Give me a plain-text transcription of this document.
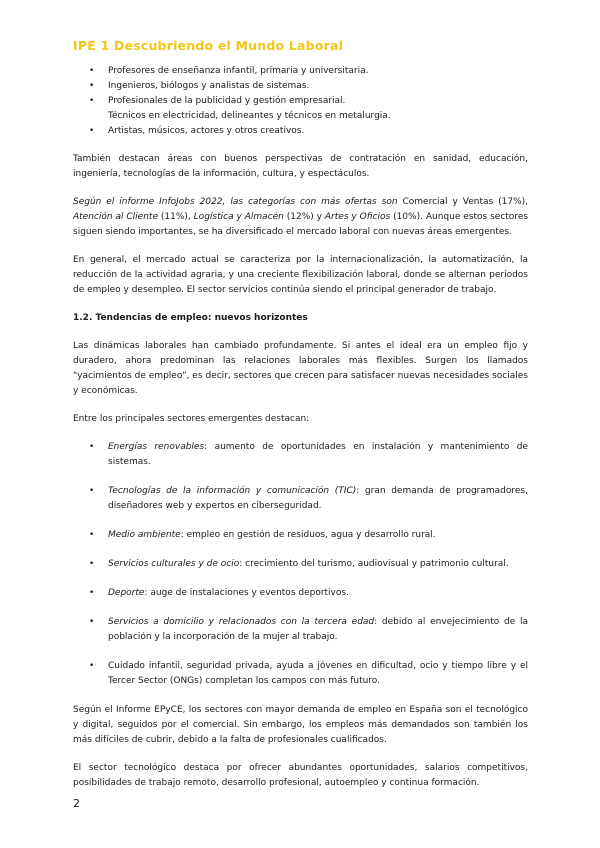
IPE 1 Descubriendo el Mundo Laboral
• Profesores de enseñanza infantil, primaria y universitaria.
• Ingenieros, biólogos y analistas de sistemas.
• Profesionales de la publicidad y gestión empresarial.
Técnicos en electricidad, delineantes y técnicos en metalurgia.
• Artistas, músicos, actores y otros creativos.

También destacan áreas con buenos perspectivas de contratación en sanidad, educación, ingeniería, tecnologías de la información, cultura, y espectáculos.

Según el informe InfoJobs 2022, las categorías con más ofertas son Comercial y Ventas (17%), Atención al Cliente (11%), Logística y Almacén (12%) y Artes y Oficios (10%). Aunque estos sectores siguen siendo importantes, se ha diversificado el mercado laboral con nuevas áreas emergentes.

En general, el mercado actual se caracteriza por la internacionalización, la automatización, la reducción de la actividad agraria, y una creciente flexibilización laboral, donde se alternan períodos de empleo y desempleo. El sector servicios continúa siendo el principal generador de trabajo.

1.2. Tendencias de empleo: nuevos horizontes

Las dinámicas laborales han cambiado profundamente. Si antes el ideal era un empleo fijo y duradero, ahora predominan las relaciones laborales más flexibles. Surgen los llamados "yacimientos de empleo", es decir, sectores que crecen para satisfacer nuevas necesidades sociales y económicas.

Entre los principales sectores emergentes destacan:

• Energías renovables: aumento de oportunidades en instalación y mantenimiento de sistemas.
• Tecnologías de la información y comunicación (TIC): gran demanda de programadores, diseñadores web y expertos en ciberseguridad.
• Medio ambiente: empleo en gestión de residuos, agua y desarrollo rural.
• Servicios culturales y de ocio: crecimiento del turismo, audiovisual y patrimonio cultural.
• Deporte: auge de instalaciones y eventos deportivos.
• Servicios a domicilio y relacionados con la tercera edad: debido al envejecimiento de la población y la incorporación de la mujer al trabajo.
• Cuidado infantil, seguridad privada, ayuda a jóvenes en dificultad, ocio y tiempo libre y el Tercer Sector (ONGs) completan los campos con más futuro.

Según el Informe EPyCE, los sectores con mayor demanda de empleo en España son el tecnológico y digital, seguidos por el comercial. Sin embargo, los empleos más demandados son también los más difíciles de cubrir, debido a la falta de profesionales cualificados.

El sector tecnológico destaca por ofrecer abundantes oportunidades, salarios competitivos, posibilidades de trabajo remoto, desarrollo profesional, autoempleo y continua formación.

2
